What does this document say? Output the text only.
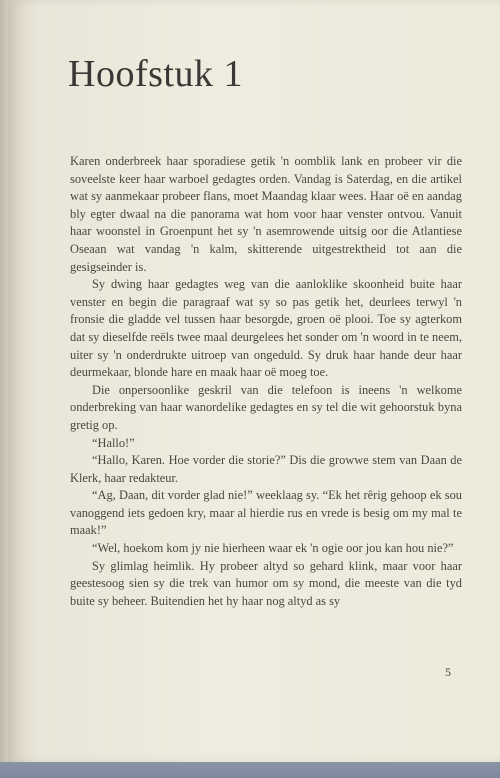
Hoofstuk 1

Karen onderbreek haar sporadiese getik 'n oomblik lank en probeer vir die soveelste keer haar warboel gedagtes orden. Vandag is Saterdag, en die artikel wat sy aanmekaar probeer flans, moet Maandag klaar wees. Haar oë en aandag bly egter dwaal na die panorama wat hom voor haar venster ontvou. Vanuit haar woonstel in Groenpunt het sy 'n asemrowende uitsig oor die Atlantiese Oseaan wat vandag 'n kalm, skitterende uitgestrektheid tot aan die gesigseinder is.

Sy dwing haar gedagtes weg van die aanloklike skoonheid buite haar venster en begin die paragraaf wat sy so pas getik het, deurlees terwyl 'n fronsie die gladde vel tussen haar besorgde, groen oë plooi. Toe sy agterkom dat sy dieselfde reëls twee maal deurgelees het sonder om 'n woord in te neem, uiter sy 'n onderdrukte uitroep van ongeduld. Sy druk haar hande deur haar deurmekaar, blonde hare en maak haar oë moeg toe.

Die onpersoonlike geskril van die telefoon is ineens 'n welkome onderbreking van haar wanordelike gedagtes en sy tel die wit gehoorstuk byna gretig op.

“Hallo!”

“Hallo, Karen. Hoe vorder die storie?” Dis die growwe stem van Daan de Klerk, haar redakteur.

“Ag, Daan, dit vorder glad nie!” weeklaag sy. “Ek het rêrig gehoop ek sou vanoggend iets gedoen kry, maar al hierdie rus en vrede is besig om my mal te maak!”

“Wel, hoekom kom jy nie hierheen waar ek 'n ogie oor jou kan hou nie?”

Sy glimlag heimlik. Hy probeer altyd so gehard klink, maar voor haar geestesoog sien sy die trek van humor om sy mond, die meeste van die tyd buite sy beheer. Buitendien het hy haar nog altyd as sy

5
